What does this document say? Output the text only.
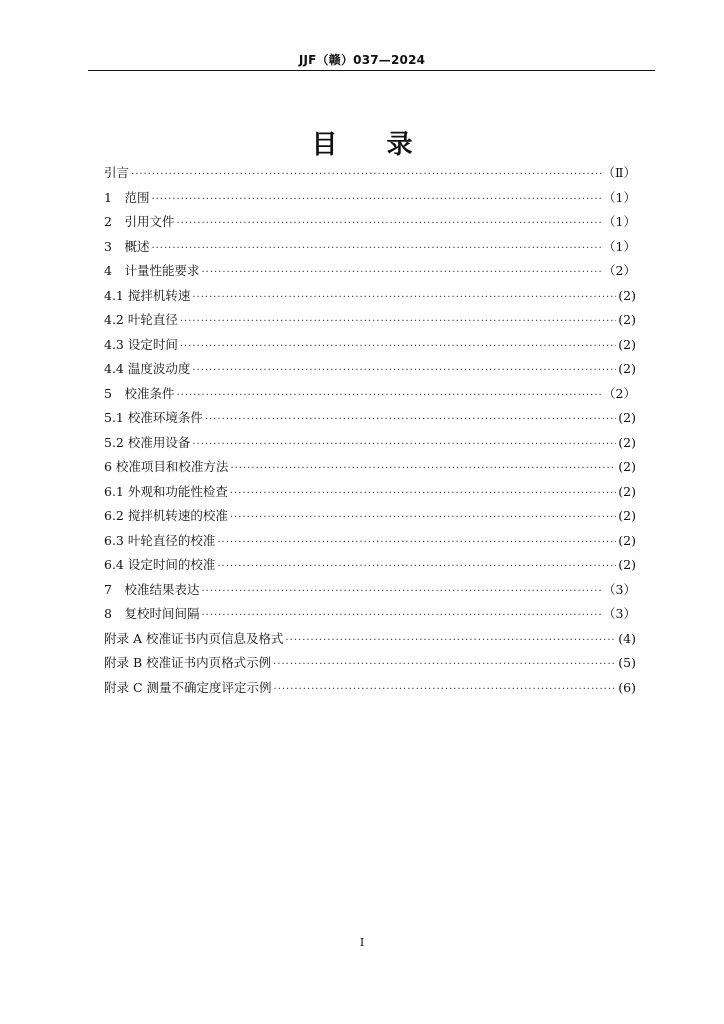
JJF（赣）037—2024
目 录
引言 ·····	（Ⅱ）
1　范围 ·····	（1）
2　引用文件 ·····	（1）
3　概述 ·····	（1）
4　计量性能要求 ·····	（2）
4.1 搅拌机转速 ·····	(2)
4.2 叶轮直径 ·····	(2)
4.3 设定时间 ·····	(2)
4.4 温度波动度 ·····	(2)
5　校准条件 ·····	（2）
5.1 校准环境条件 ·····	(2)
5.2 校准用设备 ·····	(2)
6 校准项目和校准方法 ·····	(2)
6.1 外观和功能性检查 ·····	(2)
6.2 搅拌机转速的校准 ·····	(2)
6.3 叶轮直径的校准 ·····	(2)
6.4 设定时间的校准 ·····	(2)
7　校准结果表达 ·····	（3）
8　复校时间间隔 ·····	（3）
附录 A 校准证书内页信息及格式 ·····	(4)
附录 B 校准证书内页格式示例 ·····	(5)
附录 C 测量不确定度评定示例 ·····	(6)
I
